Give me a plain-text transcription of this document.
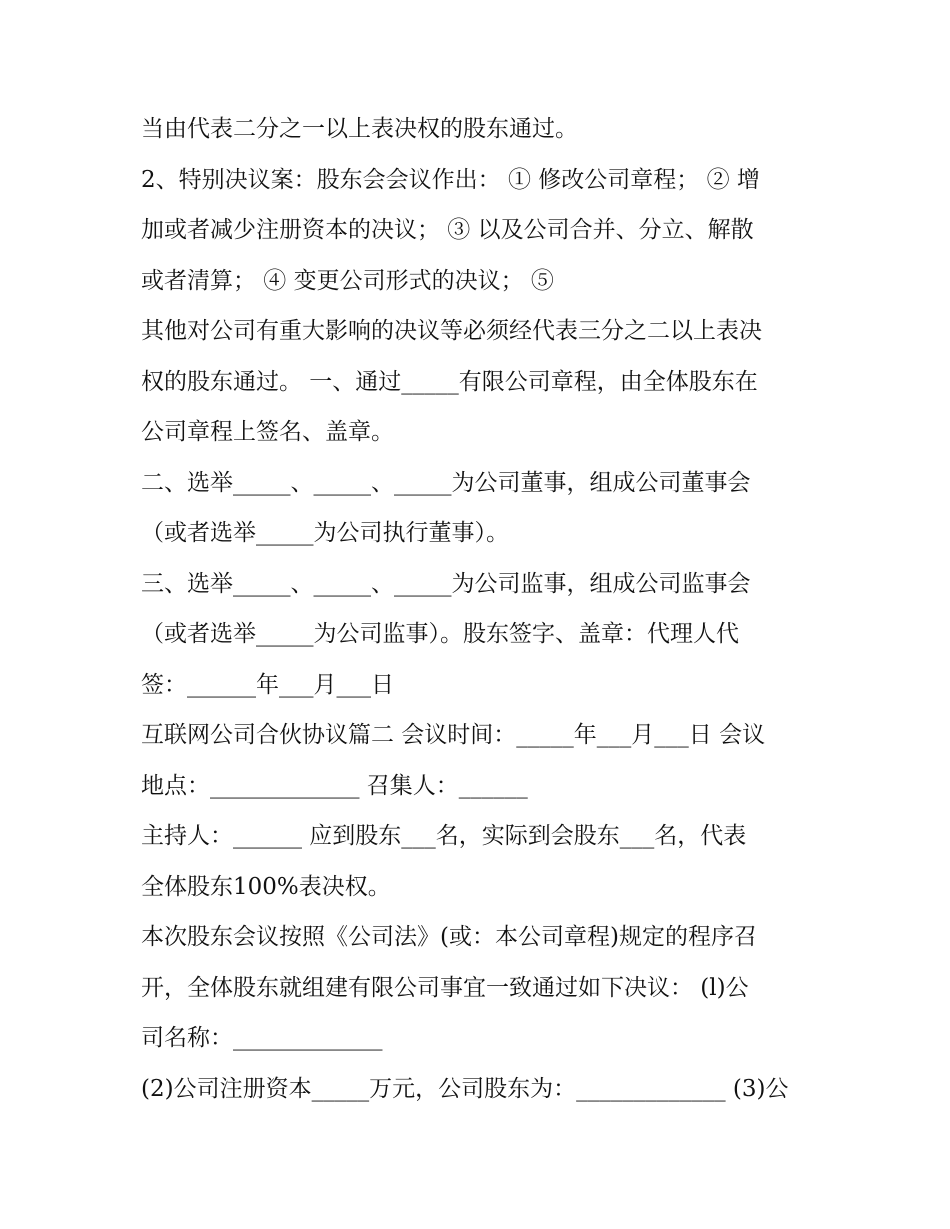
当由代表二分之一以上表决权的股东通过。
2、特别决议案：股东会会议作出： ① 修改公司章程； ② 增
加或者减少注册资本的决议； ③ 以及公司合并、分立、解散
或者清算； ④ 变更公司形式的决议； ⑤
其他对公司有重大影响的决议等必须经代表三分之二以上表决
权的股东通过。 一、通过_____有限公司章程，由全体股东在
公司章程上签名、盖章。
二、选举_____、_____、_____为公司董事，组成公司董事会
（或者选举_____为公司执行董事）。
三、选举_____、_____、_____为公司监事，组成公司监事会
（或者选举_____为公司监事）。股东签字、盖章：代理人代
签：______年___月___日
互联网公司合伙协议篇二 会议时间：_____年___月___日 会议
地点：_____________ 召集人：______
主持人：______ 应到股东___名，实际到会股东___名，代表
全体股东100%表决权。
本次股东会议按照《公司法》(或：本公司章程)规定的程序召
开，全体股东就组建有限公司事宜一致通过如下决议： (l)公
司名称：_____________
(2)公司注册资本_____万元，公司股东为：_____________ (3)公
